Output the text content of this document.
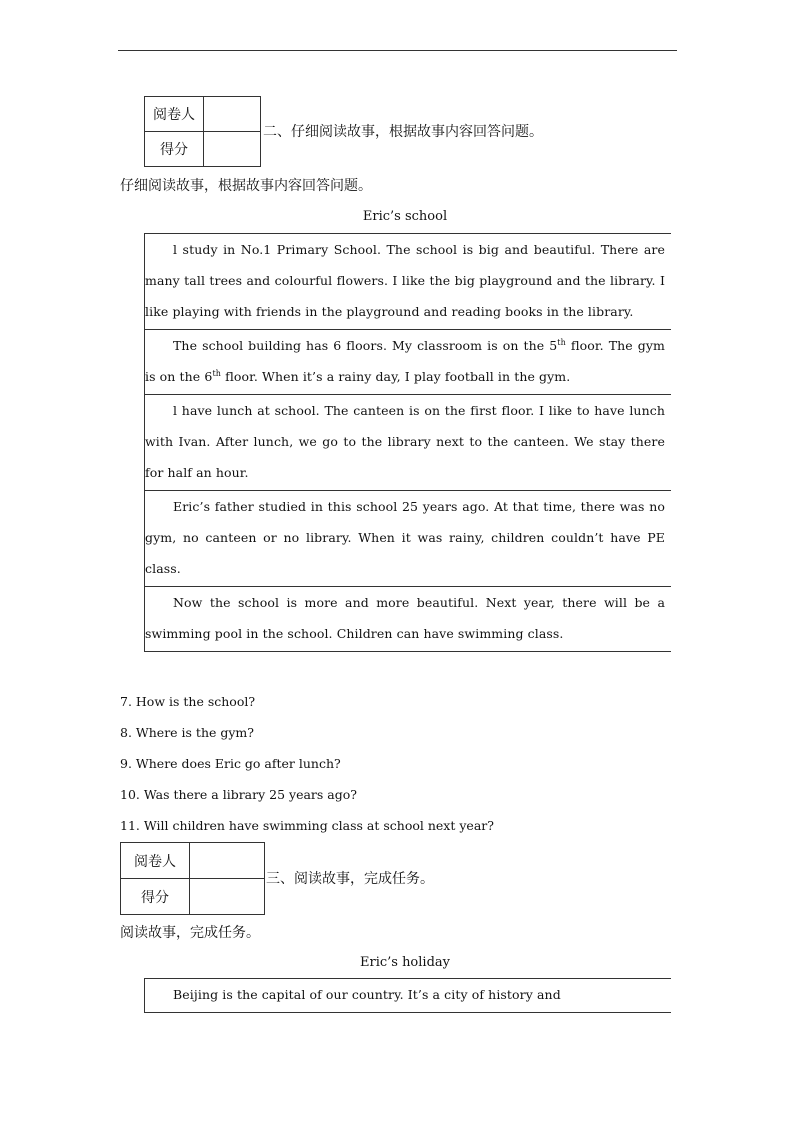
阅卷人	
得分	
二、仔细阅读故事，根据故事内容回答问题。
仔细阅读故事，根据故事内容回答问题。
Eric’s school
l study in No.1 Primary School. The school is big and beautiful. There are many tall trees and colourful flowers. I like the big playground and the library. I like playing with friends in the playground and reading books in the library.
The school building has 6 floors. My classroom is on the 5th floor. The gym is on the 6th floor. When it’s a rainy day, I play football in the gym.
l have lunch at school. The canteen is on the first floor. I like to have lunch with Ivan. After lunch, we go to the library next to the canteen. We stay there for half an hour.
Eric’s father studied in this school 25 years ago. At that time, there was no gym, no canteen or no library. When it was rainy, children couldn’t have PE class.
Now the school is more and more beautiful. Next year, there will be a swimming pool in the school. Children can have swimming class.
7. How is the school?
8. Where is the gym?
9. Where does Eric go after lunch?
10. Was there a library 25 years ago?
11. Will children have swimming class at school next year?
阅卷人	
得分	
三、阅读故事，完成任务。
阅读故事，完成任务。
Eric’s holiday
Beijing is the capital of our country. It’s a city of history and
